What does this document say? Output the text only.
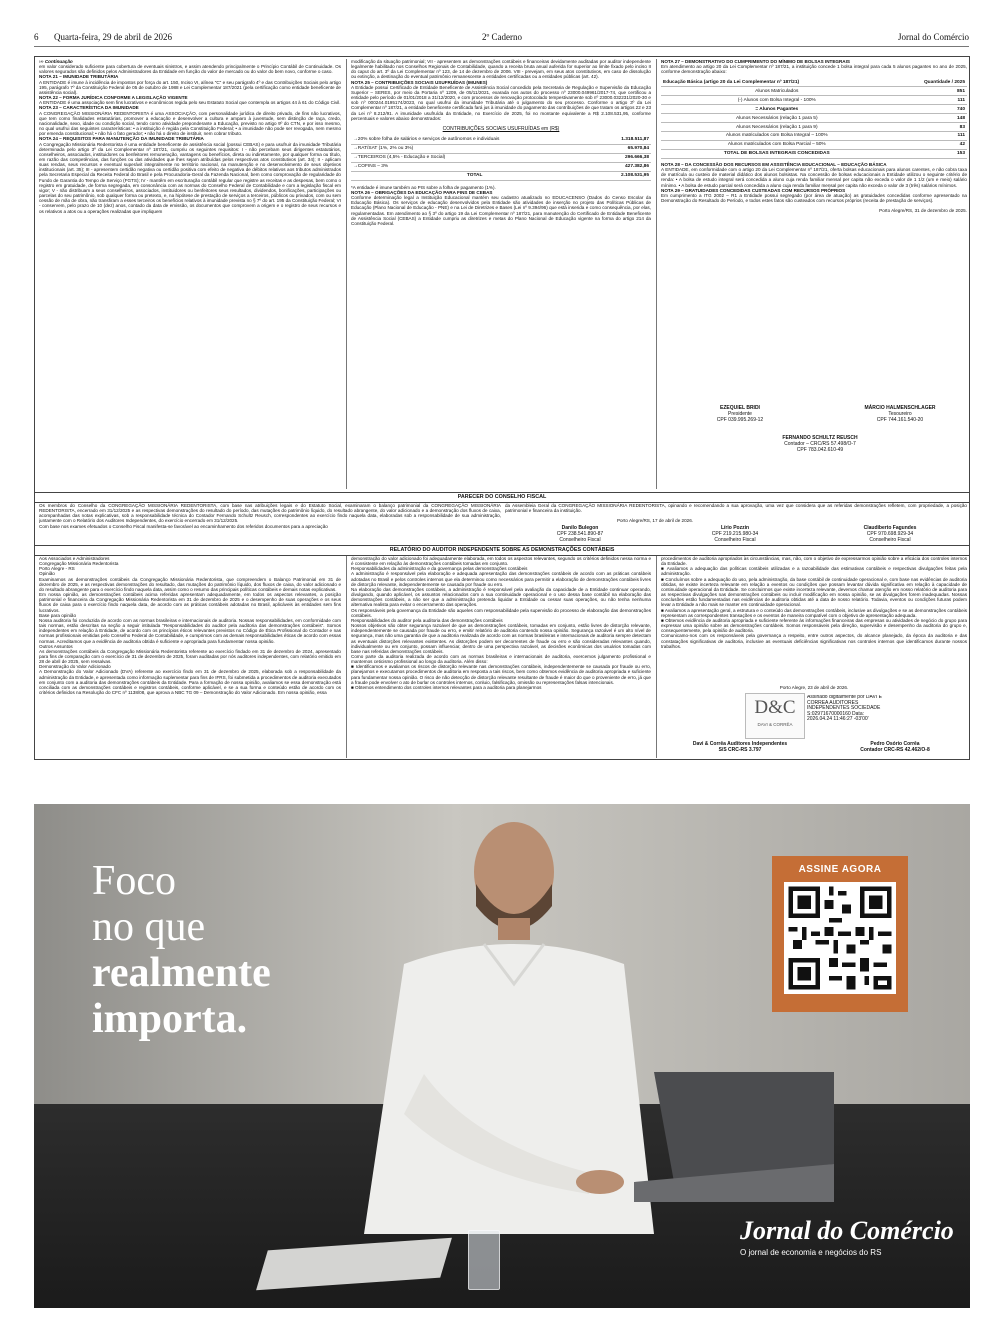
6 Quarta-feira, 29 de abril de 2026	2º Caderno	Jornal do Comércio

››› Continuação

em valor considerado suficiente para cobertura de eventuais sinistros, e assim atendendo principalmente o Princípio Contábil de Continuidade. Os valores segurados são definidos pelos Administradores da Entidade em função do valor de mercado ou do valor do bem novo, conforme o caso.

NOTA 21 – IMUNIDADE TRIBUTÁRIA

A ENTIDADE é imune à incidência de impostos por força do art. 150, Inciso VI, alínea "C" e seu parágrafo 4º e das Contribuições Sociais pelo artigo 195, parágrafo 7º da Constituição Federal de 05 de outubro de 1988 e Lei Complementar 187/2021 (pela certificação como entidade beneficente de assistência social).

NOTA 22 – FORMA JURÍDICA CONFORME A LEGISLAÇÃO VIGENTE

A ENTIDADE é uma associação sem fins lucrativos e econômicos regida pelo seu Estatuto Social que contempla os artigos 44 à 61 do Código Civil.

NOTA 23 – CARACTERÍSTICA DA IMUNIDADE

A CONGREGAÇÃO MISSIONÁRIA REDENTORISTA é uma ASSOCIAÇÃO, com personalidade jurídica de direito privado, de fins não lucrativos, que tem como finalidades estatutárias, promover a educação e desenvolver a cultura e amparo à juventude, sem distinção de raça, credo, nacionalidade, sexo, idade ou condição social, tendo como atividade preponderante a Educação, previsto no artigo 9º do CTN, e por isso mesmo, no qual usufrui das seguintes características: • a instituição é regida pela Constituição Federal; • a imunidade não pode ser revogada, nem mesmo por emenda constitucional; • não há o fato gerador; • não há o direito de instituir, nem cobrar tributo.

NOTA 24 – REQUISITOS PARA MANUTENÇÃO DA IMUNIDADE TRIBUTÁRIA

A Congregação Missionária Redentorista é uma entidade beneficente de assistência social (possui CEBAS) e para usufruir da imunidade Tributária determinada pelo artigo 3º da Lei Complementar nº 187/21, cumpriu os seguintes requisitos: I - não percebam seus dirigentes estatutários, conselheiros, associados, instituidores ou benfeitores remuneração, vantagens ou benefícios, direta ou indiretamente, por qualquer forma ou título, em razão das competências, das funções ou das atividades que lhes sejam atribuídas pelos respectivos atos constitutivos (art. 34); II - aplicam suas rendas, seus recursos e eventual superávit integralmente no território nacional, na manutenção e no desenvolvimento de seus objetivos institucionais (art. 35); III - apresentem certidão negativa ou certidão positiva com efeito de negativa de débitos relativos aos tributos administrados pela Secretaria Especial da Receita Federal do Brasil e pela Procuradoria-Geral da Fazenda Nacional, bem como comprovação de regularidade do Fundo de Garantia do Tempo de Serviço (FGTS); IV - mantêm em escrituração contábil regular que registre as receitas e as despesas, bem como o registro em gratuidade, de forma segregada, em consonância com as normas do Conselho Federal de Contabilidade e com a legislação fiscal em vigor; V - não distribuam a seus conselheiros, associados, instituidores ou benfeitores seus resultados, dividendos, bonificações, participações ou parcelas do seu patrimônio, sob qualquer forma ou pretexto, e, na hipótese de prestação de serviços a terceiros, públicos ou privados, com ou sem cessão de mão de obra, não transfiram a esses terceiros os benefícios relativos à imunidade prevista no § 7º do art. 195 da Constituição Federal; VI - conservem, pelo prazo de 10 (dez) anos, contado da data de emissão, os documentos que comprovem a origem e o registro de seus recursos e os relativos a atos ou a operações realizadas que impliquem

modificação da situação patrimonial; VII - apresentem as demonstrações contábeis e financeiras devidamente auditadas por auditor independente legalmente habilitado nos Conselhos Regionais de Contabilidade, quando a receita bruta anual auferida for superior ao limite fixado pelo inciso II do caput do art. 3º da Lei Complementar nº 123, de 14 de dezembro de 2006. VIII - prevejam, em seus atos constitutivos, em caso de dissolução ou extinção, a destinação do eventual patrimônio remanescente a entidades certificadas ou a entidades públicas (art. 42).

NOTA 25 – CONTRIBUIÇÕES SOCIAIS USUFRUÍDAS (IMUNES)

A Entidade possui Certificado de Entidade Beneficente de Assistência Social concedido pela Secretaria de Regulação e Supervisão da Educação Superior – SERES, por meio da Portaria nº 1209, de 05/11/2021, exarada nos autos do processo nº 23000.049961/2017-74, que certificou a entidade pelo período de 01/01/2018 a 31/12/2020, e com processos de renovação protocolado tempestivamente sob nº 23000.032231/2020-30 e sob nº 000244.0195174/2023, no qual usufrui da imunidade Tributária até o julgamento do seu processo. Conforme o artigo 3º da Lei Complementar nº 187/21, a entidade beneficente certificada fará jus à imunidade do pagamento das contribuições de que tratam os artigos 22 e 23 da Lei nº 8.212/91. A imunidade usufruída da Entidade, no Exercício de 2025, foi no montante equivalente a R$ 2.108.531,95, conforme percentuais e valores abaixo demonstrados:

CONTRIBUIÇÕES SOCIAIS USUFRUÍDAS em (R$)

→20% sobre folha de salários e serviços de autônomos e individuais	1.318.511,87
→RAT/SAT (1%, 2% ou 3%)	65.970,84
→TERCEIROS (4,5% - Educação e Social)	296.666,38
→COFINS – 3%	427.382,86
TOTAL	2.108.531,95

*A entidade é imune também ao PIS sobre a folha de pagamento (1%).

NOTA 26 – OBRIGAÇÕES DA EDUCAÇÃO PARA FINS DE CEBAS

Conforme determinação legal a Instituição Educacional mantém seu cadastro atualizado no EDUCACENSO (Dados do Censo Escolar da Educação Básica). Os serviços de educação desenvolvidos pela Entidade são atividades de inserção no projeto das Políticas Públicas de Educação (Plano Nacional de Educação - PNE) e na Lei de Diretrizes e Bases (Lei nº 9.394/96) que está inserida e como consequência, por elas, regulamentadas. Em atendimento ao § 3º do artigo 19 da Lei Complementar nº 187/21, para manutenção do Certificado de Entidade Beneficente de Assistência Social (CEBAS) a Entidade cumpriu as diretrizes e metas do Plano Nacional de Educação vigente na forma do artigo 214 da Constituição Federal.

NOTA 27 – DEMONSTRATIVO DO CUMPRIMENTO DO MÍNIMO DE BOLSAS INTEGRAIS

Em atendimento ao artigo 20 da Lei Complementar nº 187/21, a instituição concede 1 bolsa integral para cada 5 alunos pagantes no ano de 2025, conforme demonstração abaixo:

Educação Básica (artigo 20 da Lei Complementar nº 187/21)	Quantidade / 2025
Alunos Matriculados	851
(-) Alunos com Bolsa Integral - 100%	111
= Alunos Pagantes	740
Alunos Necessários (relação 1 para 5)	148
Alunos Necessários (relação 1 para 9)	83
Alunos matriculados com Bolsa Integral – 100%	111
Alunos matriculados com Bolsa Parcial – 50%	42
TOTAL DE BOLSAS INTEGRAIS CONCEDIDAS	153

NOTA 28 – DA CONCESSÃO DOS RECURSOS EM ASSISTÊNCIA EDUCACIONAL – EDUCAÇÃO BÁSICA

A ENTIDADE, em conformidade com o artigo 20 da Lei Complementar nº 187/21, oferta bolsas educacionais para alunos carentes, e não cobra taxa de matrícula ou custeio de material didático dos alunos bolsistas. Na concessão de bolsas educacionais a Entidade utilizou o seguinte critério de renda: • A bolsa de estudo integral será concedida a aluno cuja renda familiar mensal per capita não exceda o valor de 1 1/2 (um e meio) salário mínimo. • A bolsa de estudo parcial será concedida a aluno cuja renda familiar mensal per capita não exceda o valor de 3 (três) salários mínimos.

NOTA 29 – GRATUIDADES CONCEDIDAS CUSTEADAS COM RECURSOS PRÓPRIOS

Em cumprimento a ITG 2002 – R1 a Entidade possui segregado (por área de atuação) as gratuidades concedidas conforme apresentado na Demonstração do Resultado do Período, e todos estes fatos são custeados com recursos próprios (receita de prestação de serviços).

Porto Alegre/RS, 31 de dezembro de 2025.

EZEQUIEL BRIDI
Presidente
CPF 039.995.269-12
MÁRCIO HALMENSCHLAGER
Tesoureiro
CPF 744.161.540-20
FERNANDO SCHULTZ REUSCH
Contador – CRC/RS 57.498/O-7
CPF 783.042.610-49
PARECER DO CONSELHO FISCAL

Os membros do Conselho da CONGREGAÇÃO MISSIONÁRIA REDENTORISTA, com base nas atribuições legais e do Estatuto Social, examinaram o balanço patrimonial da CONGREGAÇÃO MISSIONÁRIA REDENTORISTA, encerrado em 31/12/2025 e as respectivas demonstrações do resultado do período, das mutações do patrimônio líquido, do resultado abrangente, do valor adicionado e a demonstração dos fluxos de caixa, acompanhadas das notas explicativas, sob a responsabilidade técnica do Contador Fernando Schultz Reusch, correspondentes ao exercício findo naquela data, elaboradas sob a responsabilidade de sua administração, juntamente com o Relatório dos Auditores Independentes, do exercício encerrado em 31/12/2025.

Com base nos exames efetuados o Conselho Fiscal manifesta-se favorável ao encaminhamento dos referidos documentos para a apreciação

da Assembleia Geral da CONGREGAÇÃO MISSIONÁRIA REDENTORISTA, opinando e recomendando a sua aprovação, uma vez que considera que as referidas demonstrações refletem, com propriedade, a posição patrimonial e financeira da instituição.

Porto Alegre/RS, 17 de abril de 2026.
Danilo Bulegon
CPF 238.541.890-87
Conselheiro Fiscal
Lírio Pozzin
CPF 219.215.980-34
Conselheiro Fiscal
Claudiberto Fagundes
CPF 970.698.929-34
Conselheiro Fiscal
RELATÓRIO DO AUDITOR INDEPENDENTE SOBRE AS DEMONSTRAÇÕES CONTÁBEIS
Aos Associados e Administradores
Congregação Missionária Redentorista
Porto Alegre - RS
Opinião
Examinamos as demonstrações contábeis da Congregação Missionária Redentorista, que compreendem o Balanço Patrimonial em 31 de dezembro de 2025, e as respectivas demonstrações do resultado, das mutações do patrimônio líquido, dos fluxos de caixa, do valor adicionado e do resultado abrangente para o exercício findo naquela data, assim como o resumo das principais políticas contábeis e demais notas explicativas.
Em nossa opinião, as demonstrações contábeis acima referidas apresentam adequadamente, em todos os aspectos relevantes, a posição patrimonial e financeira da Congregação Missionária Redentorista em 31 de dezembro de 2025 e o desempenho de suas operações e os seus fluxos de caixa para o exercício findo naquela data, de acordo com as práticas contábeis adotadas no Brasil, aplicáveis às entidades sem fins lucrativos.
Base para opinião
Nossa auditoria foi conduzida de acordo com as normas brasileiras e internacionais de auditoria. Nossas responsabilidades, em conformidade com tais normas, estão descritas na seção a seguir intitulada "Responsabilidades do auditor pela auditoria das demonstrações contábeis". Somos independentes em relação à Entidade, de acordo com os princípios éticos relevantes previstos no Código de Ética Profissional do Contador e nas normas profissionais emitidas pelo Conselho Federal de Contabilidade, e cumprimos com as demais responsabilidades éticas de acordo com essas normas. Acreditamos que a evidência de auditoria obtida é suficiente e apropriada para fundamentar nossa opinião.
Outros Assuntos
As demonstrações contábeis da Congregação Missionária Redentorista referente ao exercício findado em 31 de dezembro de 2024, apresentado para fins de comparação com o exercício de 31 de dezembro de 2025, foram auditadas por nós auditores independentes, com relatório emitido em 28 de abril de 2025, sem ressalvas.
Demonstração do Valor Adicionado
A Demonstração do Valor Adicionado (DVA) referente ao exercício findo em 31 de dezembro de 2025, elaborada sob a responsabilidade da administração da Entidade, e apresentada como informação suplementar para fins de IFRS, foi submetida a procedimentos de auditoria executados em conjunto com a auditoria das demonstrações contábeis da Entidade. Para a formação de nossa opinião, avaliamos se essa demonstração está conciliada com as demonstrações contábeis e registros contábeis, conforme aplicável, e se a sua forma e conteúdo estão de acordo com os critérios definidos na Resolução do CFC nº 1138/08, que aprova a NBC TG 09 – Demonstração do Valor Adicionado. Em nossa opinião, essa
demonstração do valor adicionado foi adequadamente elaborada, em todos os aspectos relevantes, segundo os critérios definidos nessa norma e é consistente em relação às demonstrações contábeis tomadas em conjunto.
Responsabilidades da administração e da governança pelas demonstrações contábeis
A administração é responsável pela elaboração e adequada apresentação das demonstrações contábeis de acordo com as práticas contábeis adotadas no Brasil e pelos controles internos que ela determinou como necessários para permitir a elaboração de demonstrações contábeis livres de distorção relevante, independentemente se causada por fraude ou erro.
Na elaboração das demonstrações contábeis, a administração é responsável pela avaliação da capacidade de a Entidade continuar operando, divulgando, quando aplicável, os assuntos relacionados com a sua continuidade operacional e o uso dessa base contábil na elaboração das demonstrações contábeis, a não ser que a administração pretenda liquidar a Entidade ou cessar suas operações, ou não tenha nenhuma alternativa realista para evitar o encerramento das operações.
Os responsáveis pela governança da Entidade são aqueles com responsabilidade pela supervisão do processo de elaboração das demonstrações contábeis.
Responsabilidades do auditor pela auditoria das demonstrações contábeis
Nossos objetivos são obter segurança razoável de que as demonstrações contábeis, tomadas em conjunto, estão livres de distorção relevante, independentemente se causada por fraude ou erro, e emitir relatório de auditoria contendo nossa opinião. Segurança razoável é um alto nível de segurança, mas não uma garantia de que a auditoria realizada de acordo com as normas brasileiras e internacionais de auditoria sempre detectam as eventuais distorções relevantes existentes. As distorções podem ser decorrentes de fraude ou erro e são consideradas relevantes quando, individualmente ou em conjunto, possam influenciar, dentro de uma perspectiva razoável, as decisões econômicas dos usuários tomadas com base nas referidas demonstrações contábeis.
Como parte da auditoria realizada de acordo com as normas brasileiras e internacionais de auditoria, exercemos julgamento profissional e mantemos ceticismo profissional ao longo da auditoria. Além disso:
■ Identificamos e avaliamos os riscos de distorção relevante nas demonstrações contábeis, independentemente se causada por fraude ou erro, planejamos e executamos procedimentos de auditoria em resposta a tais riscos, bem como obtemos evidência de auditoria apropriada e suficiente para fundamentar nossa opinião. O risco de não detecção de distorção relevante resultante de fraude é maior do que o proveniente de erro, já que a fraude pode envolver o ato de burlar os controles internos, conluio, falsificação, omissão ou representações falsas intencionais.
■ Obtemos entendimento dos controles internos relevantes para a auditoria para planejarmos
procedimentos de auditoria apropriados às circunstâncias, mas, não, com o objetivo de expressarmos opinião sobre a eficácia dos controles internos da Entidade.
■ Avaliamos a adequação das políticas contábeis utilizadas e a razoabilidade das estimativas contábeis e respectivas divulgações feitas pela administração.
■ Concluímos sobre a adequação do uso, pela administração, da base contábil de continuidade operacional e, com base nas evidências de auditoria obtidas, se existe incerteza relevante em relação a eventos ou condições que possam levantar dúvida significativa em relação à capacidade de continuidade operacional da Entidade. Se concluirmos que existe incerteza relevante, devemos chamar atenção em nosso relatório de auditoria para as respectivas divulgações nas demonstrações contábeis ou incluir modificação em nossa opinião, se as divulgações forem inadequadas. Nossas conclusões estão fundamentadas nas evidências de auditoria obtidas até a data de nosso relatório. Todavia, eventos ou condições futuras podem levar a Entidade a não mais se manter em continuidade operacional.
■ Avaliamos a apresentação geral, a estrutura e o conteúdo das demonstrações contábeis, inclusive as divulgações e se as demonstrações contábeis representam as correspondentes transações e os eventos de maneira compatível com o objetivo de apresentação adequada.
■ Obtemos evidência de auditoria apropriada e suficiente referente às informações financeiras das empresas ou atividades de negócio do grupo para expressar uma opinião sobre as demonstrações contábeis. Somos responsáveis pela direção, supervisão e desempenho da auditoria do grupo e, consequentemente, pela opinião de auditoria.
Comunicamo-nos com os responsáveis pela governança a respeito, entre outros aspectos, do alcance planejado, da época da auditoria e das constatações significativas de auditoria, inclusive as eventuais deficiências significativas nos controles internos que identificamos durante nossos trabalhos.
Porto Alegre, 23 de abril de 2026.
D&C
DAVI & CORRÊA
Assinado digitalmente por DAVI E CORREA AUDITORES INDEPENDENTES SOCIEDADE S:02971670000160 Data: 2026.04.24 11:46:27 -03'00'
Davi & Corrêa Auditores Independentes
S/S CRC-RS 3.797
Pedro Osório Corrêa
Contador CRC-RS 42.462/O-8
Foco
no que
realmente
importa.
ASSINE AGORA
Jornal do Comércio
O jornal de economia e negócios do RS
